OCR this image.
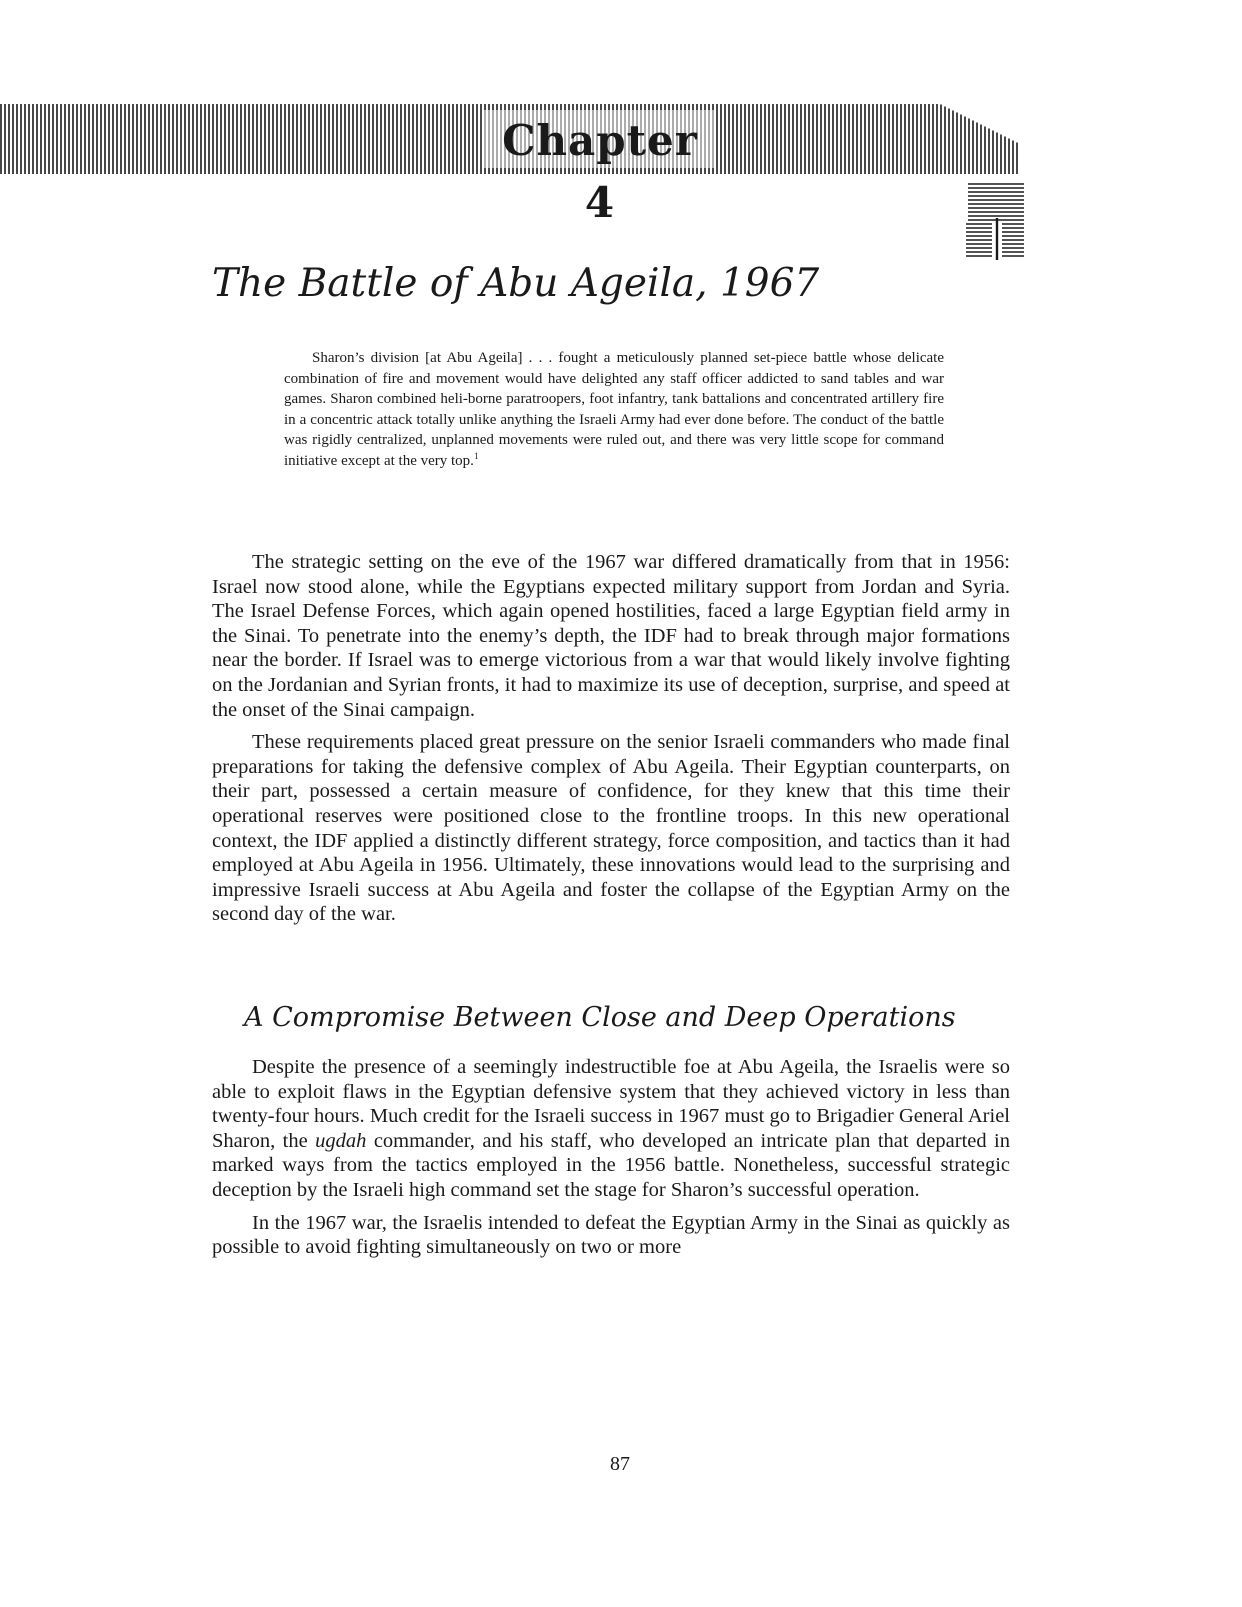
Chapter 4
The Battle of Abu Ageila, 1967

Sharon’s division [at Abu Ageila] . . . fought a meticulously planned set-piece battle whose delicate combination of fire and movement would have delighted any staff officer addicted to sand tables and war games. Sharon combined heli-borne paratroopers, foot infantry, tank battalions and concentrated artillery fire in a concentric attack totally unlike anything the Israeli Army had ever done before. The conduct of the battle was rigidly centralized, unplanned movements were ruled out, and there was very little scope for command initiative except at the very top.$^1$

The strategic setting on the eve of the 1967 war differed dramatically from that in 1956: Israel now stood alone, while the Egyptians expected military support from Jordan and Syria. The Israel Defense Forces, which again opened hostilities, faced a large Egyptian field army in the Sinai. To penetrate into the enemy’s depth, the IDF had to break through major formations near the border. If Israel was to emerge victorious from a war that would likely involve fighting on the Jordanian and Syrian fronts, it had to maximize its use of deception, surprise, and speed at the onset of the Sinai campaign.

These requirements placed great pressure on the senior Israeli commanders who made final preparations for taking the defensive complex of Abu Ageila. Their Egyptian counterparts, on their part, possessed a certain measure of confidence, for they knew that this time their operational reserves were positioned close to the frontline troops. In this new operational context, the IDF applied a distinctly different strategy, force composition, and tactics than it had employed at Abu Ageila in 1956. Ultimately, these innovations would lead to the surprising and impressive Israeli success at Abu Ageila and foster the collapse of the Egyptian Army on the second day of the war.

A Compromise Between Close and Deep Operations

Despite the presence of a seemingly indestructible foe at Abu Ageila, the Israelis were so able to exploit flaws in the Egyptian defensive system that they achieved victory in less than twenty-four hours. Much credit for the Israeli success in 1967 must go to Brigadier General Ariel Sharon, the ugdah commander, and his staff, who developed an intricate plan that departed in marked ways from the tactics employed in the 1956 battle. Nonetheless, successful strategic deception by the Israeli high command set the stage for Sharon’s successful operation.

In the 1967 war, the Israelis intended to defeat the Egyptian Army in the Sinai as quickly as possible to avoid fighting simultaneously on two or more

87
